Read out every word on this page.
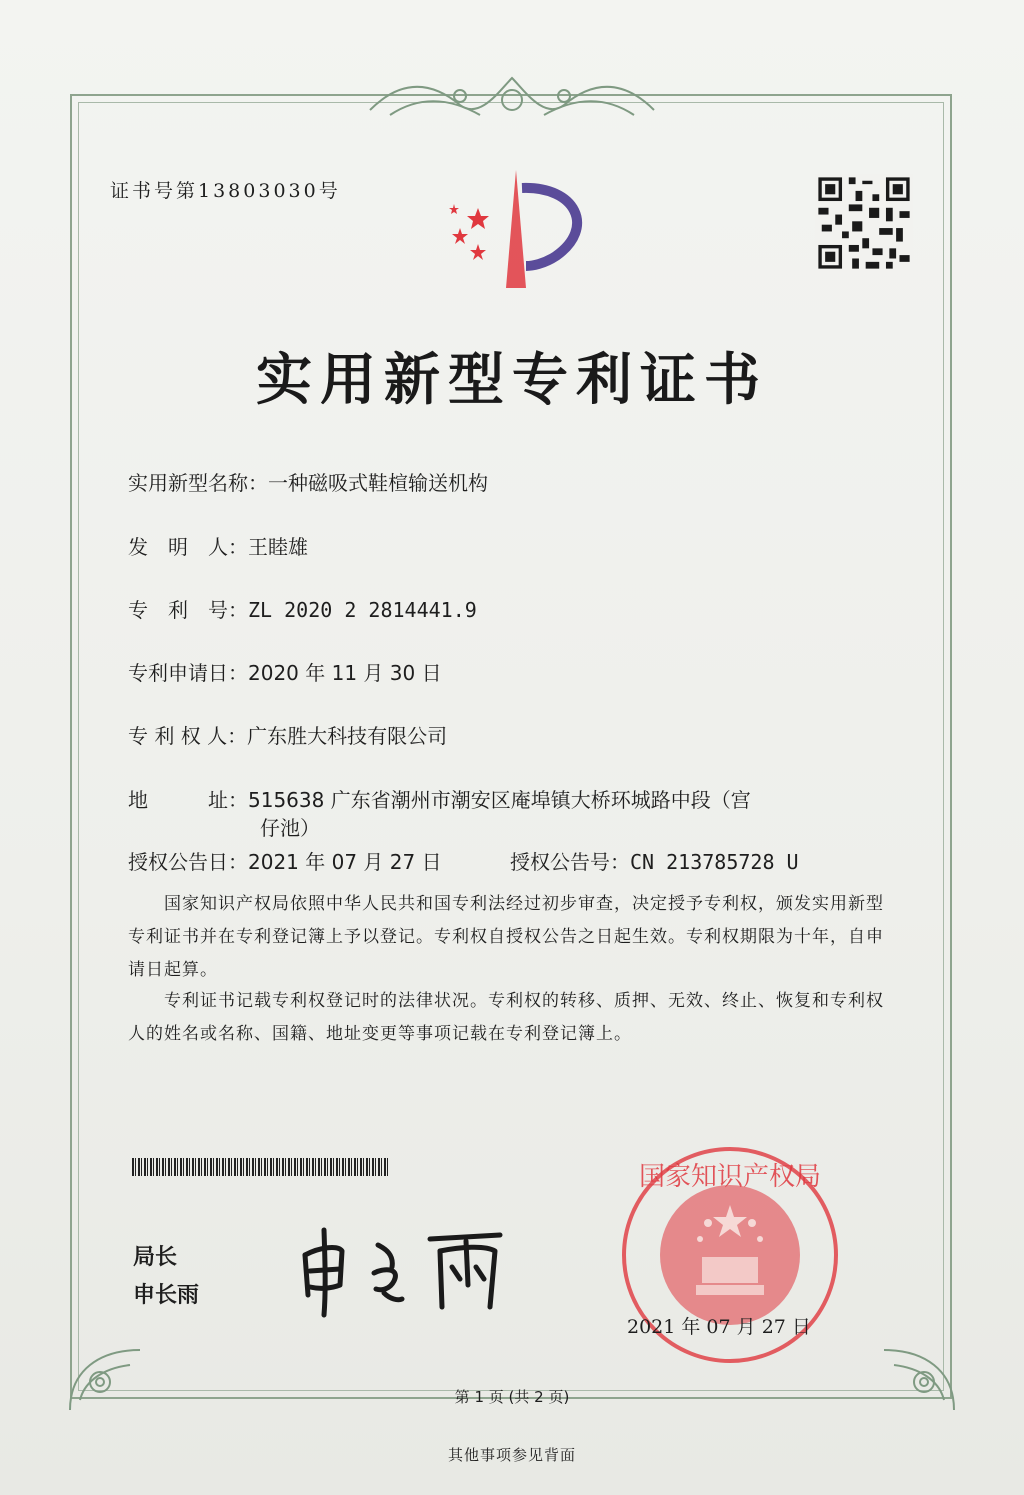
证书号第13803030号
实用新型专利证书
实用新型名称：一种磁吸式鞋楦输送机构
发　明　人：王睦雄
专　利　号：ZL 2020 2 2814441.9
专利申请日：2020 年 11 月 30 日
专 利 权 人：广东胜大科技有限公司
地　　　址：515638 广东省潮州市潮安区庵埠镇大桥环城路中段（宫
仔池）
授权公告日：2021 年 07 月 27 日	授权公告号：CN 213785728 U
国家知识产权局依照中华人民共和国专利法经过初步审查，决定授予专利权，颁发实用新型专利证书并在专利登记簿上予以登记。专利权自授权公告之日起生效。专利权期限为十年，自申请日起算。
专利证书记载专利权登记时的法律状况。专利权的转移、质押、无效、终止、恢复和专利权人的姓名或名称、国籍、地址变更等事项记载在专利登记簿上。
局长
申长雨
国家知识产权局
2021 年 07 月 27 日
第 1 页 (共 2 页)
其他事项参见背面
